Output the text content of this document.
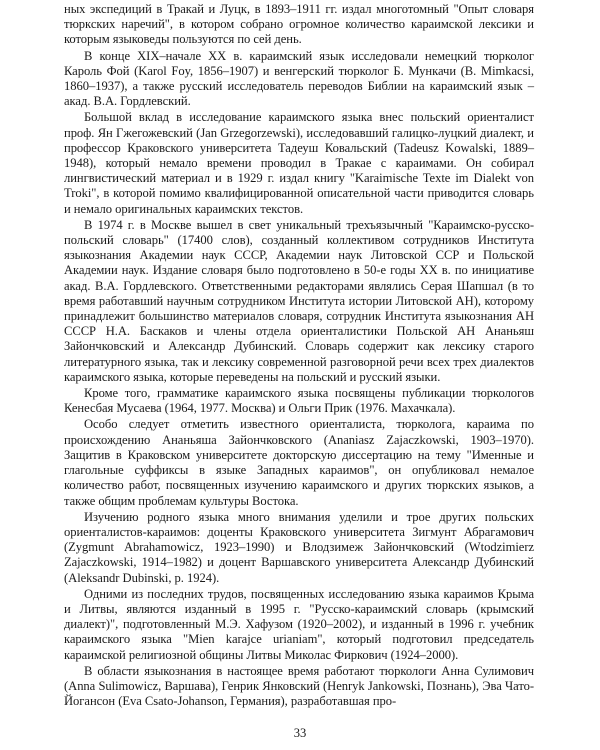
ных экспедиций в Тракай и Луцк, в 1893–1911 гг. издал многотомный "Опыт словаря тюркских наречий", в котором собрано огромное количество караимской лексики и которым языковеды пользуются по сей день.

В конце XIX–начале XX в. караимский язык исследовали немецкий тюрколог Кароль Фой (Karol Foy, 1856–1907) и венгерский тюрколог Б. Мункачи (B. Mimkacsi, 1860–1937), а также русский исследователь переводов Библии на караимский язык – акад. В.А. Гордлевский.

Большой вклад в исследование караимского языка внес польский ориенталист проф. Ян Гжегожевский (Jan Grzegorzewski), исследовавший галицко-луцкий диалект, и профессор Краковского университета Тадеуш Ковальский (Tadeusz Kowalski, 1889–1948), который немало времени проводил в Тракае с караимами. Он собирал лингвистический материал и в 1929 г. издал книгу "Karaimische Texte im Dialekt von Troki", в которой помимо квалифицированной описательной части приводится словарь и немало оригинальных караимских текстов.

В 1974 г. в Москве вышел в свет уникальный трехъязычный "Караимско-русско-польский словарь" (17400 слов), созданный коллективом сотрудников Института языкознания Академии наук СССР, Академии наук Литовской ССР и Польской Академии наук. Издание словаря было подготовлено в 50-е годы XX в. по инициативе акад. В.А. Гордлевского. Ответственными редакторами являлись Серая Шапшал (в то время работавший научным сотрудником Института истории Литовской АН), которому принадлежит большинство материалов словаря, сотрудник Института языкознания АН СССР Н.А. Баскаков и члены отдела ориенталистики Польской АН Ананьяш Зайончковский и Александр Дубинский. Словарь содержит как лексику старого литературного языка, так и лексику современной разговорной речи всех трех диалектов караимского языка, которые переведены на польский и русский языки.

Кроме того, грамматике караимского языка посвящены публикации тюркологов Кенесбая Мусаева (1964, 1977. Москва) и Ольги Прик (1976. Махачкала).

Особо следует отметить известного ориенталиста, тюрколога, караима по происхождению Ананьяша Зайончковского (Ananiasz Zajaczkowski, 1903–1970). Защитив в Краковском университете докторскую диссертацию на тему "Именные и глагольные суффиксы в языке Западных караимов", он опубликовал немалое количество работ, посвященных изучению караимского и других тюркских языков, а также общим проблемам культуры Востока.

Изучению родного языка много внимания уделили и трое других польских ориенталистов-караимов: доценты Краковского университета Зигмунт Абрагамович (Zygmunt Abrahamowicz, 1923–1990) и Влодзимеж Зайончковский (Wtodzimierz Zajaczkowski, 1914–1982) и доцент Варшавского университета Александр Дубинский (Aleksandr Dubinski, p. 1924).

Одними из последних трудов, посвященных исследованию языка караимов Крыма и Литвы, являются изданный в 1995 г. "Русско-караимский словарь (крымский диалект)", подготовленный М.Э. Хафузом (1920–2002), и изданный в 1996 г. учебник караимского языка "Mien karajce urianiam", который подготовил председатель караимской религиозной общины Литвы Миколас Фиркович (1924–2000).

В области языкознания в настоящее время работают тюркологи Анна Сулимович (Anna Sulimowicz, Варшава), Генрик Янковский (Henryk Jankowski, Познань), Эва Чато-Йогансон (Eva Csato-Johanson, Германия), разработавшая про-

33
